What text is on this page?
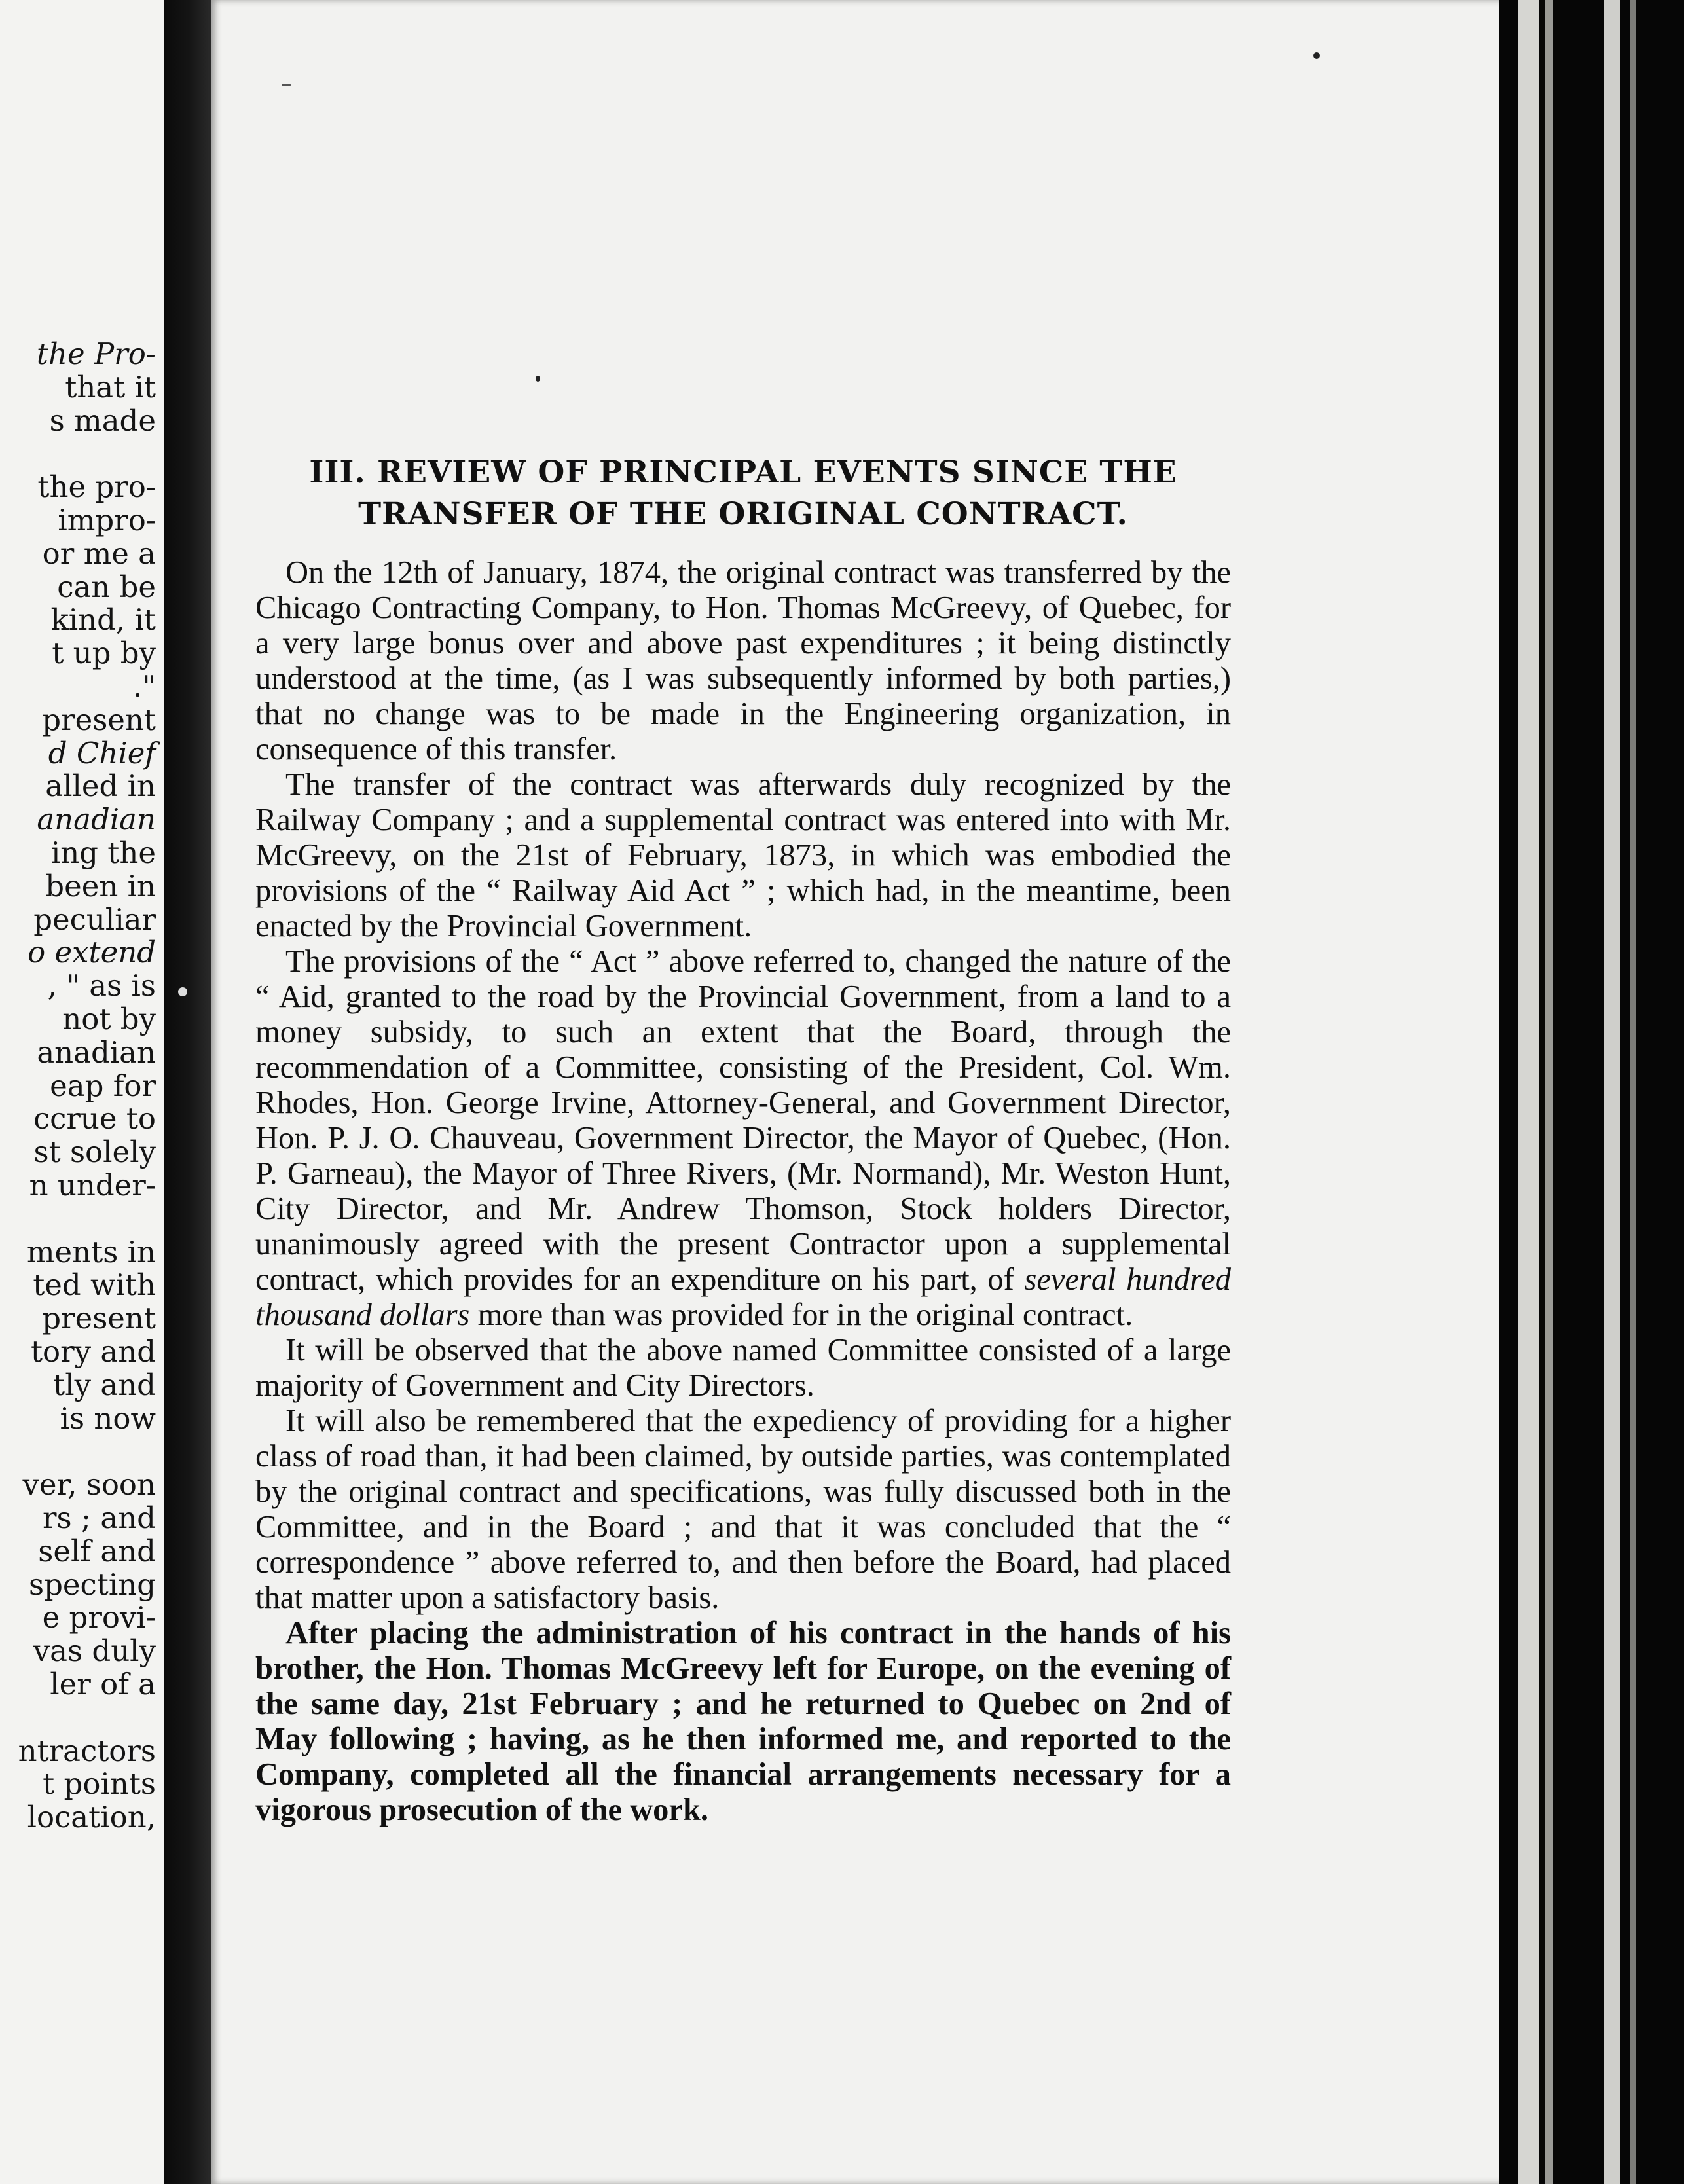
the Pro-
that it
s made
the pro-
impro-
or me a
can be
kind, it
t up by
."
present
d Chief
alled in
anadian
ing the
been in
peculiar
o extend
, " as is
not by
anadian
eap for
ccrue to
st solely
n under-
ments in
ted with
present
tory and
tly and
is now
ver, soon
rs ; and
self and
specting
e provi-
vas duly
ler of a
ntractors
t points
location,

III. REVIEW OF PRINCIPAL EVENTS SINCE THE
TRANSFER OF THE ORIGINAL CONTRACT.

On the 12th of January, 1874, the original contract was transferred by the Chicago Contracting Company, to Hon. Thomas McGreevy, of Quebec, for a very large bonus over and above past expenditures ; it being distinctly understood at the time, (as I was subsequently informed by both parties,) that no change was to be made in the Engineering organization, in consequence of this transfer.

The transfer of the contract was afterwards duly recognized by the Railway Company ; and a supplemental contract was entered into with Mr. McGreevy, on the 21st of February, 1873, in which was embodied the provisions of the “ Railway Aid Act ” ; which had, in the meantime, been enacted by the Provincial Government.

The provisions of the “ Act ” above referred to, changed the nature of the “ Aid, granted to the road by the Provincial Government, from a land to a money subsidy, to such an extent that the Board, through the recommendation of a Committee, consisting of the President, Col. Wm. Rhodes, Hon. George Irvine, Attorney-General, and Government Director, Hon. P. J. O. Chauveau, Government Director, the Mayor of Quebec, (Hon. P. Garneau), the Mayor of Three Rivers, (Mr. Normand), Mr. Weston Hunt, City Director, and Mr. Andrew Thomson, Stock holders Director, unanimously agreed with the present Contractor upon a supplemental contract, which provides for an expenditure on his part, of several hundred thousand dollars more than was provided for in the original contract.

It will be observed that the above named Committee consisted of a large majority of Government and City Directors.

It will also be remembered that the expediency of providing for a higher class of road than, it had been claimed, by outside parties, was contemplated by the original contract and specifications, was fully discussed both in the Committee, and in the Board ; and that it was concluded that the “ correspondence ” above referred to, and then before the Board, had placed that matter upon a satisfactory basis.

After placing the administration of his contract in the hands of his brother, the Hon. Thomas McGreevy left for Europe, on the evening of the same day, 21st February ; and he returned to Quebec on 2nd of May following ; having, as he then informed me, and reported to the Company, completed all the financial arrangements necessary for a vigorous prosecution of the work.
